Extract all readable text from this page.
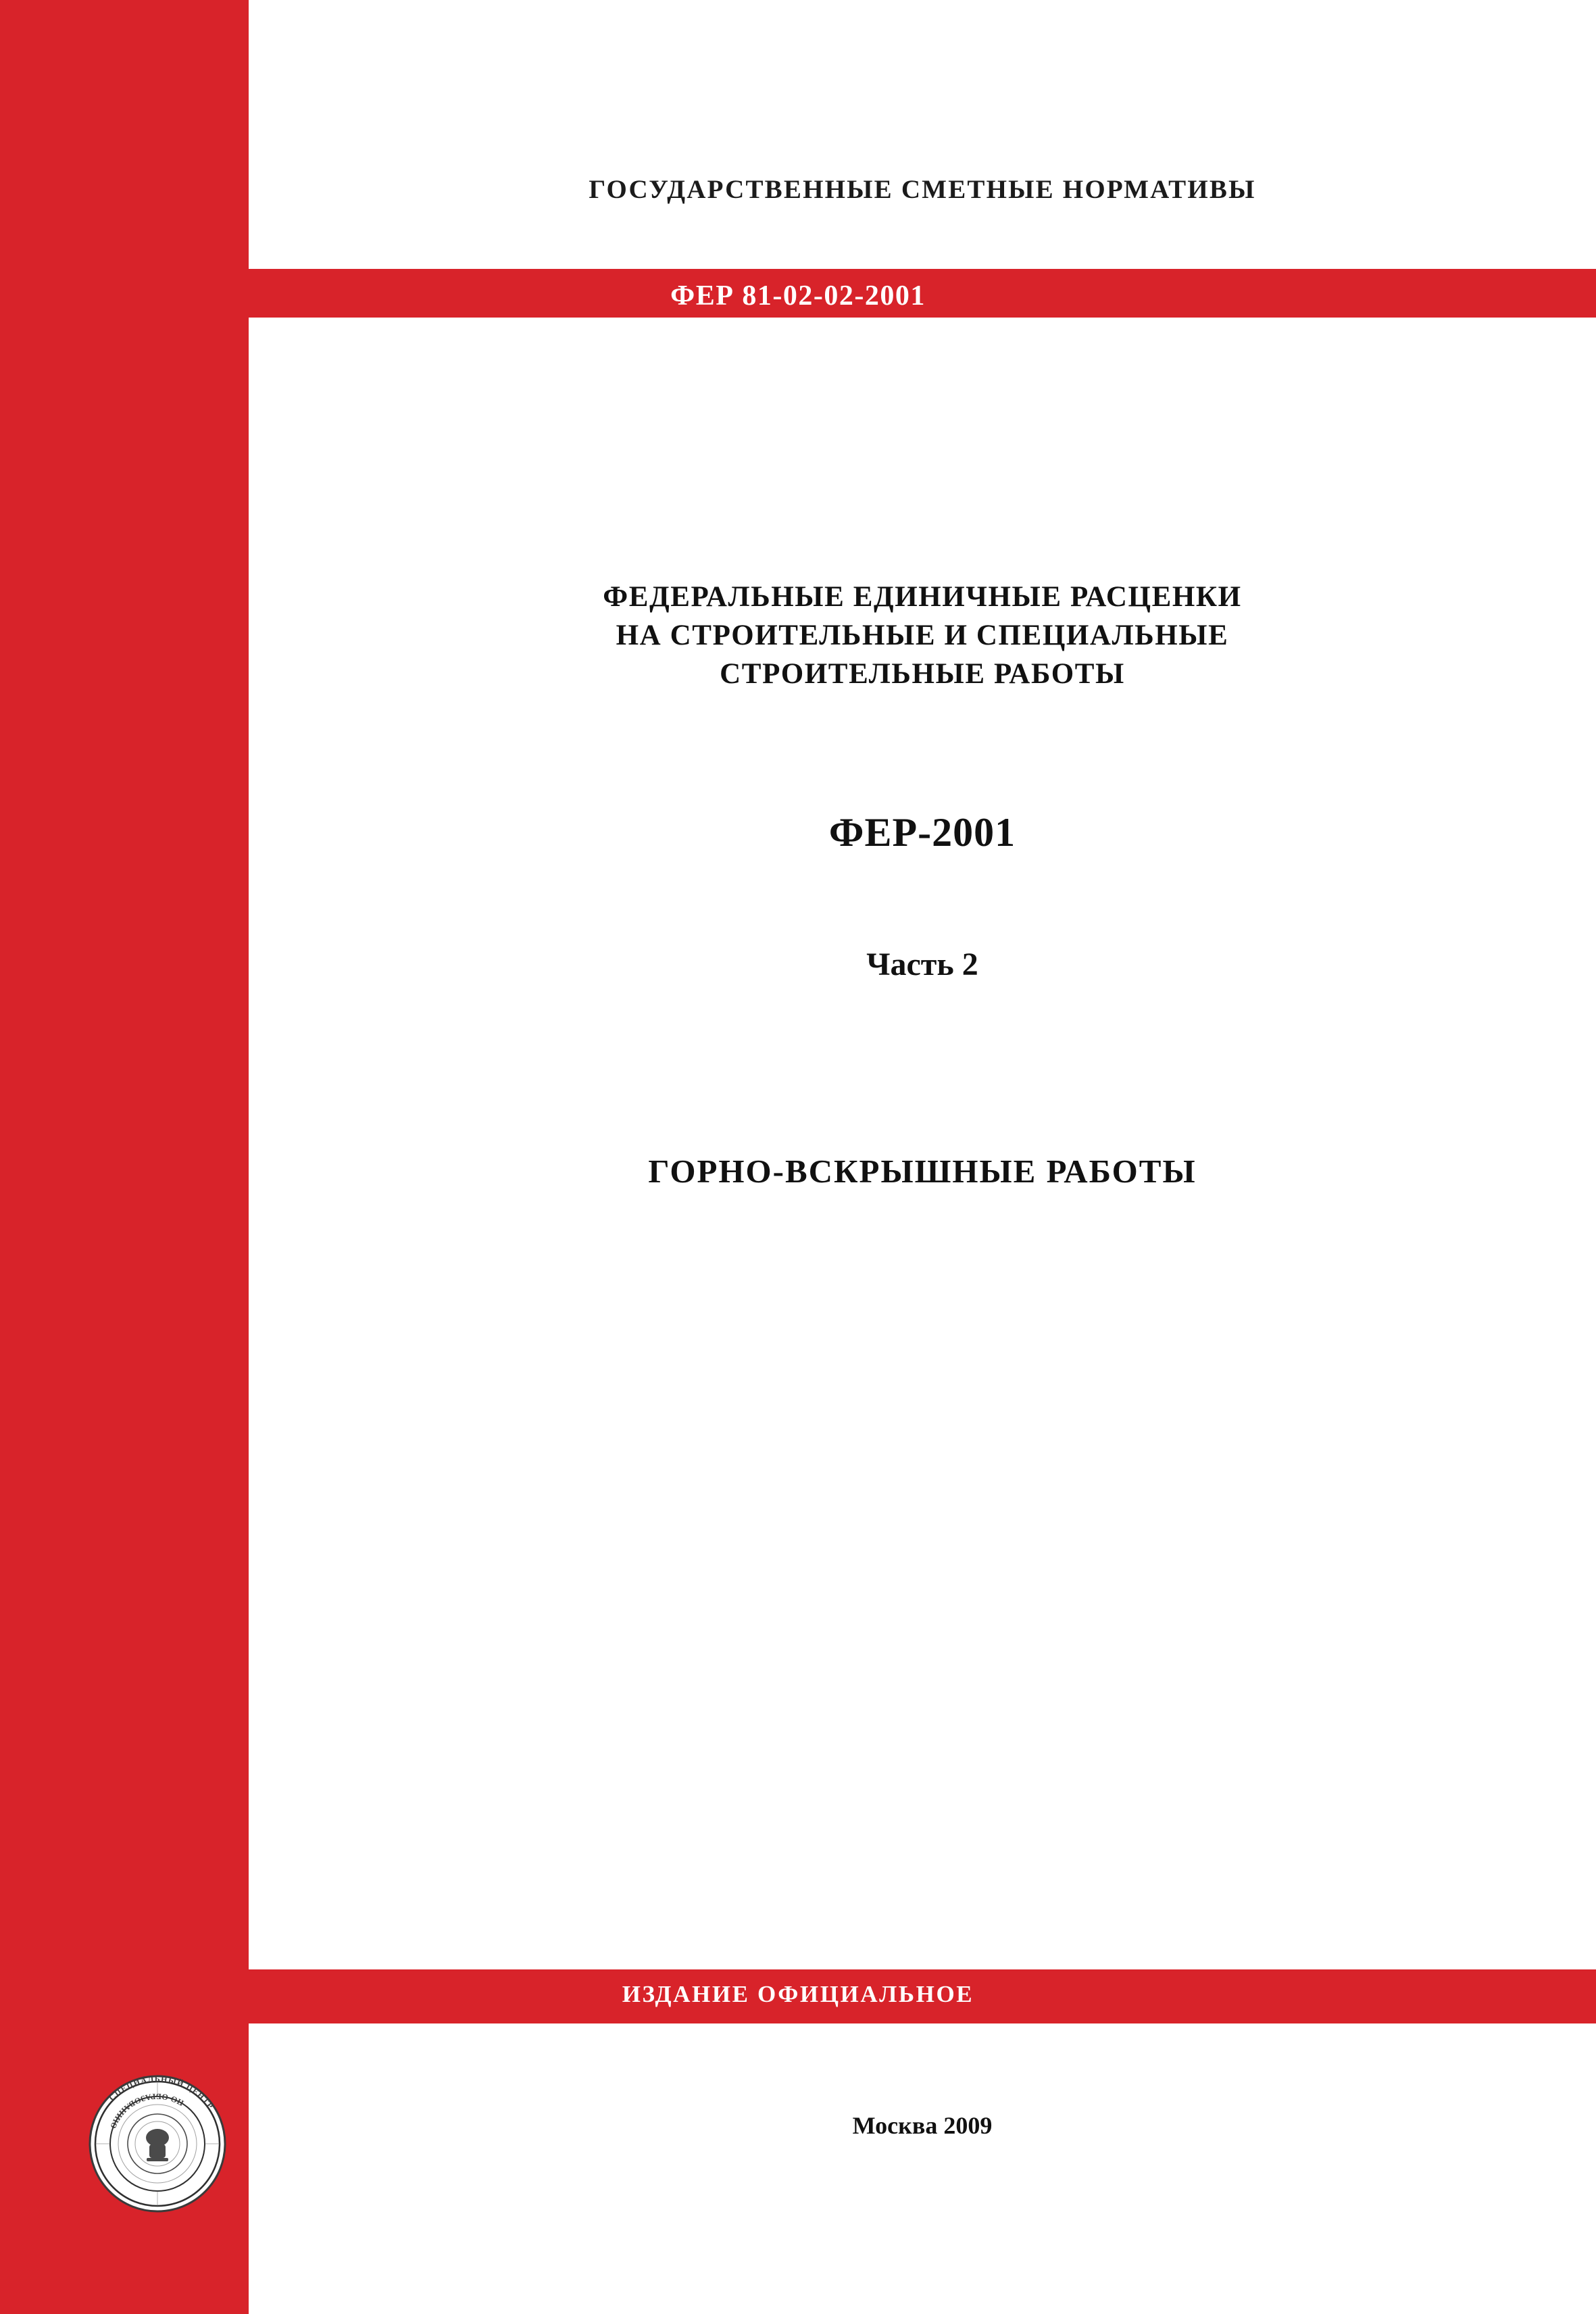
ГОСУДАРСТВЕННЫЕ СМЕТНЫЕ НОРМАТИВЫ
ФЕР 81-02-02-2001
ФЕДЕРАЛЬНЫЕ ЕДИНИЧНЫЕ РАСЦЕНКИ
НА СТРОИТЕЛЬНЫЕ И СПЕЦИАЛЬНЫЕ
СТРОИТЕЛЬНЫЕ РАБОТЫ
ФЕР-2001
Часть 2
ГОРНО-ВСКРЫШНЫЕ РАБОТЫ
ИЗДАНИЕ ОФИЦИАЛЬНОЕ
Москва 2009
СПЕЦИАЛЬНЫЙ ЦЕНТР
ПО ОБРАЗОВАНИЮ
